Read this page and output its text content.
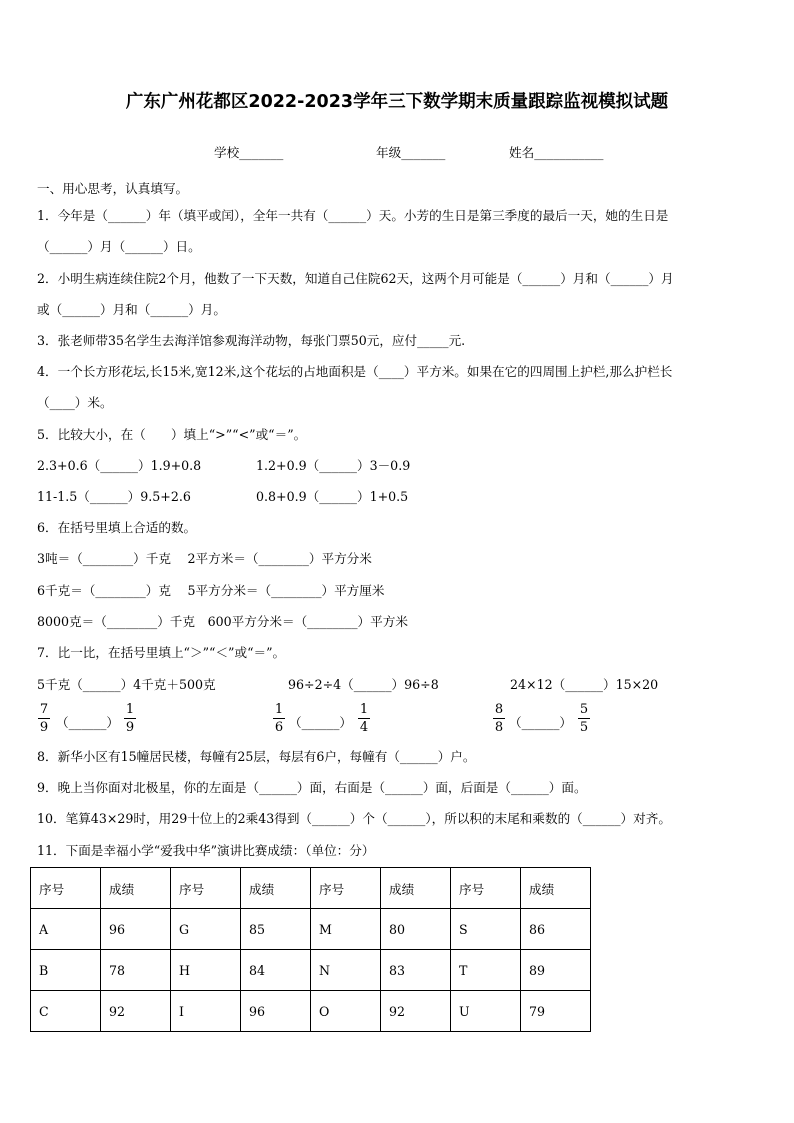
广东广州花都区2022-2023学年三下数学期末质量跟踪监视模拟试题
学校_______	年级_______	姓名___________
一、用心思考，认真填写。
1．今年是（______）年（填平或闰），全年一共有（______）天。小芳的生日是第三季度的最后一天，她的生日是
（______）月（______）日。
2．小明生病连续住院2个月，他数了一下天数，知道自己住院62天，这两个月可能是（______）月和（______）月
或（______）月和（______）月。
3．张老师带35名学生去海洋馆参观海洋动物，每张门票50元，应付_____元.
4．一个长方形花坛,长15米,宽12米,这个花坛的占地面积是（____）平方米。如果在它的四周围上护栏,那么护栏长
（____）米。
5．比较大小，在（　　）填上“>”“<”或“＝”。
2.3+0.6（______）1.9+0.8	1.2+0.9（______）3－0.9
11-1.5（______）9.5+2.6	0.8+0.9（______）1+0.5
6．在括号里填上合适的数。
3吨＝（________）千克　 2平方米＝（________）平方分米
6千克＝（________）克　 5平方分米＝（________）平方厘米
8000克＝（________）千克　600平方分米＝（________）平方米
7．比一比，在括号里填上“＞”“＜”或“＝”。
5千克（______）4千克＋500克	96÷2÷4（______）96÷8	24×12（______）15×20
7
9 （______）
1
9
1
6 （______）
1
4
8
8 （______）
5
5
8．新华小区有15幢居民楼，每幢有25层，每层有6户，每幢有（______）户。
9．晚上当你面对北极星，你的左面是（______）面，右面是（______）面，后面是（______）面。
10．笔算43×29时，用29十位上的2乘43得到（______）个（______），所以积的末尾和乘数的（______）对齐。
11．下面是幸福小学“爱我中华”演讲比赛成绩：（单位：分）
序号	成绩	序号	成绩	序号	成绩	序号	成绩
A	96	G	85	M	80	S	86
B	78	H	84	N	83	T	89
C	92	I	96	O	92	U	79
